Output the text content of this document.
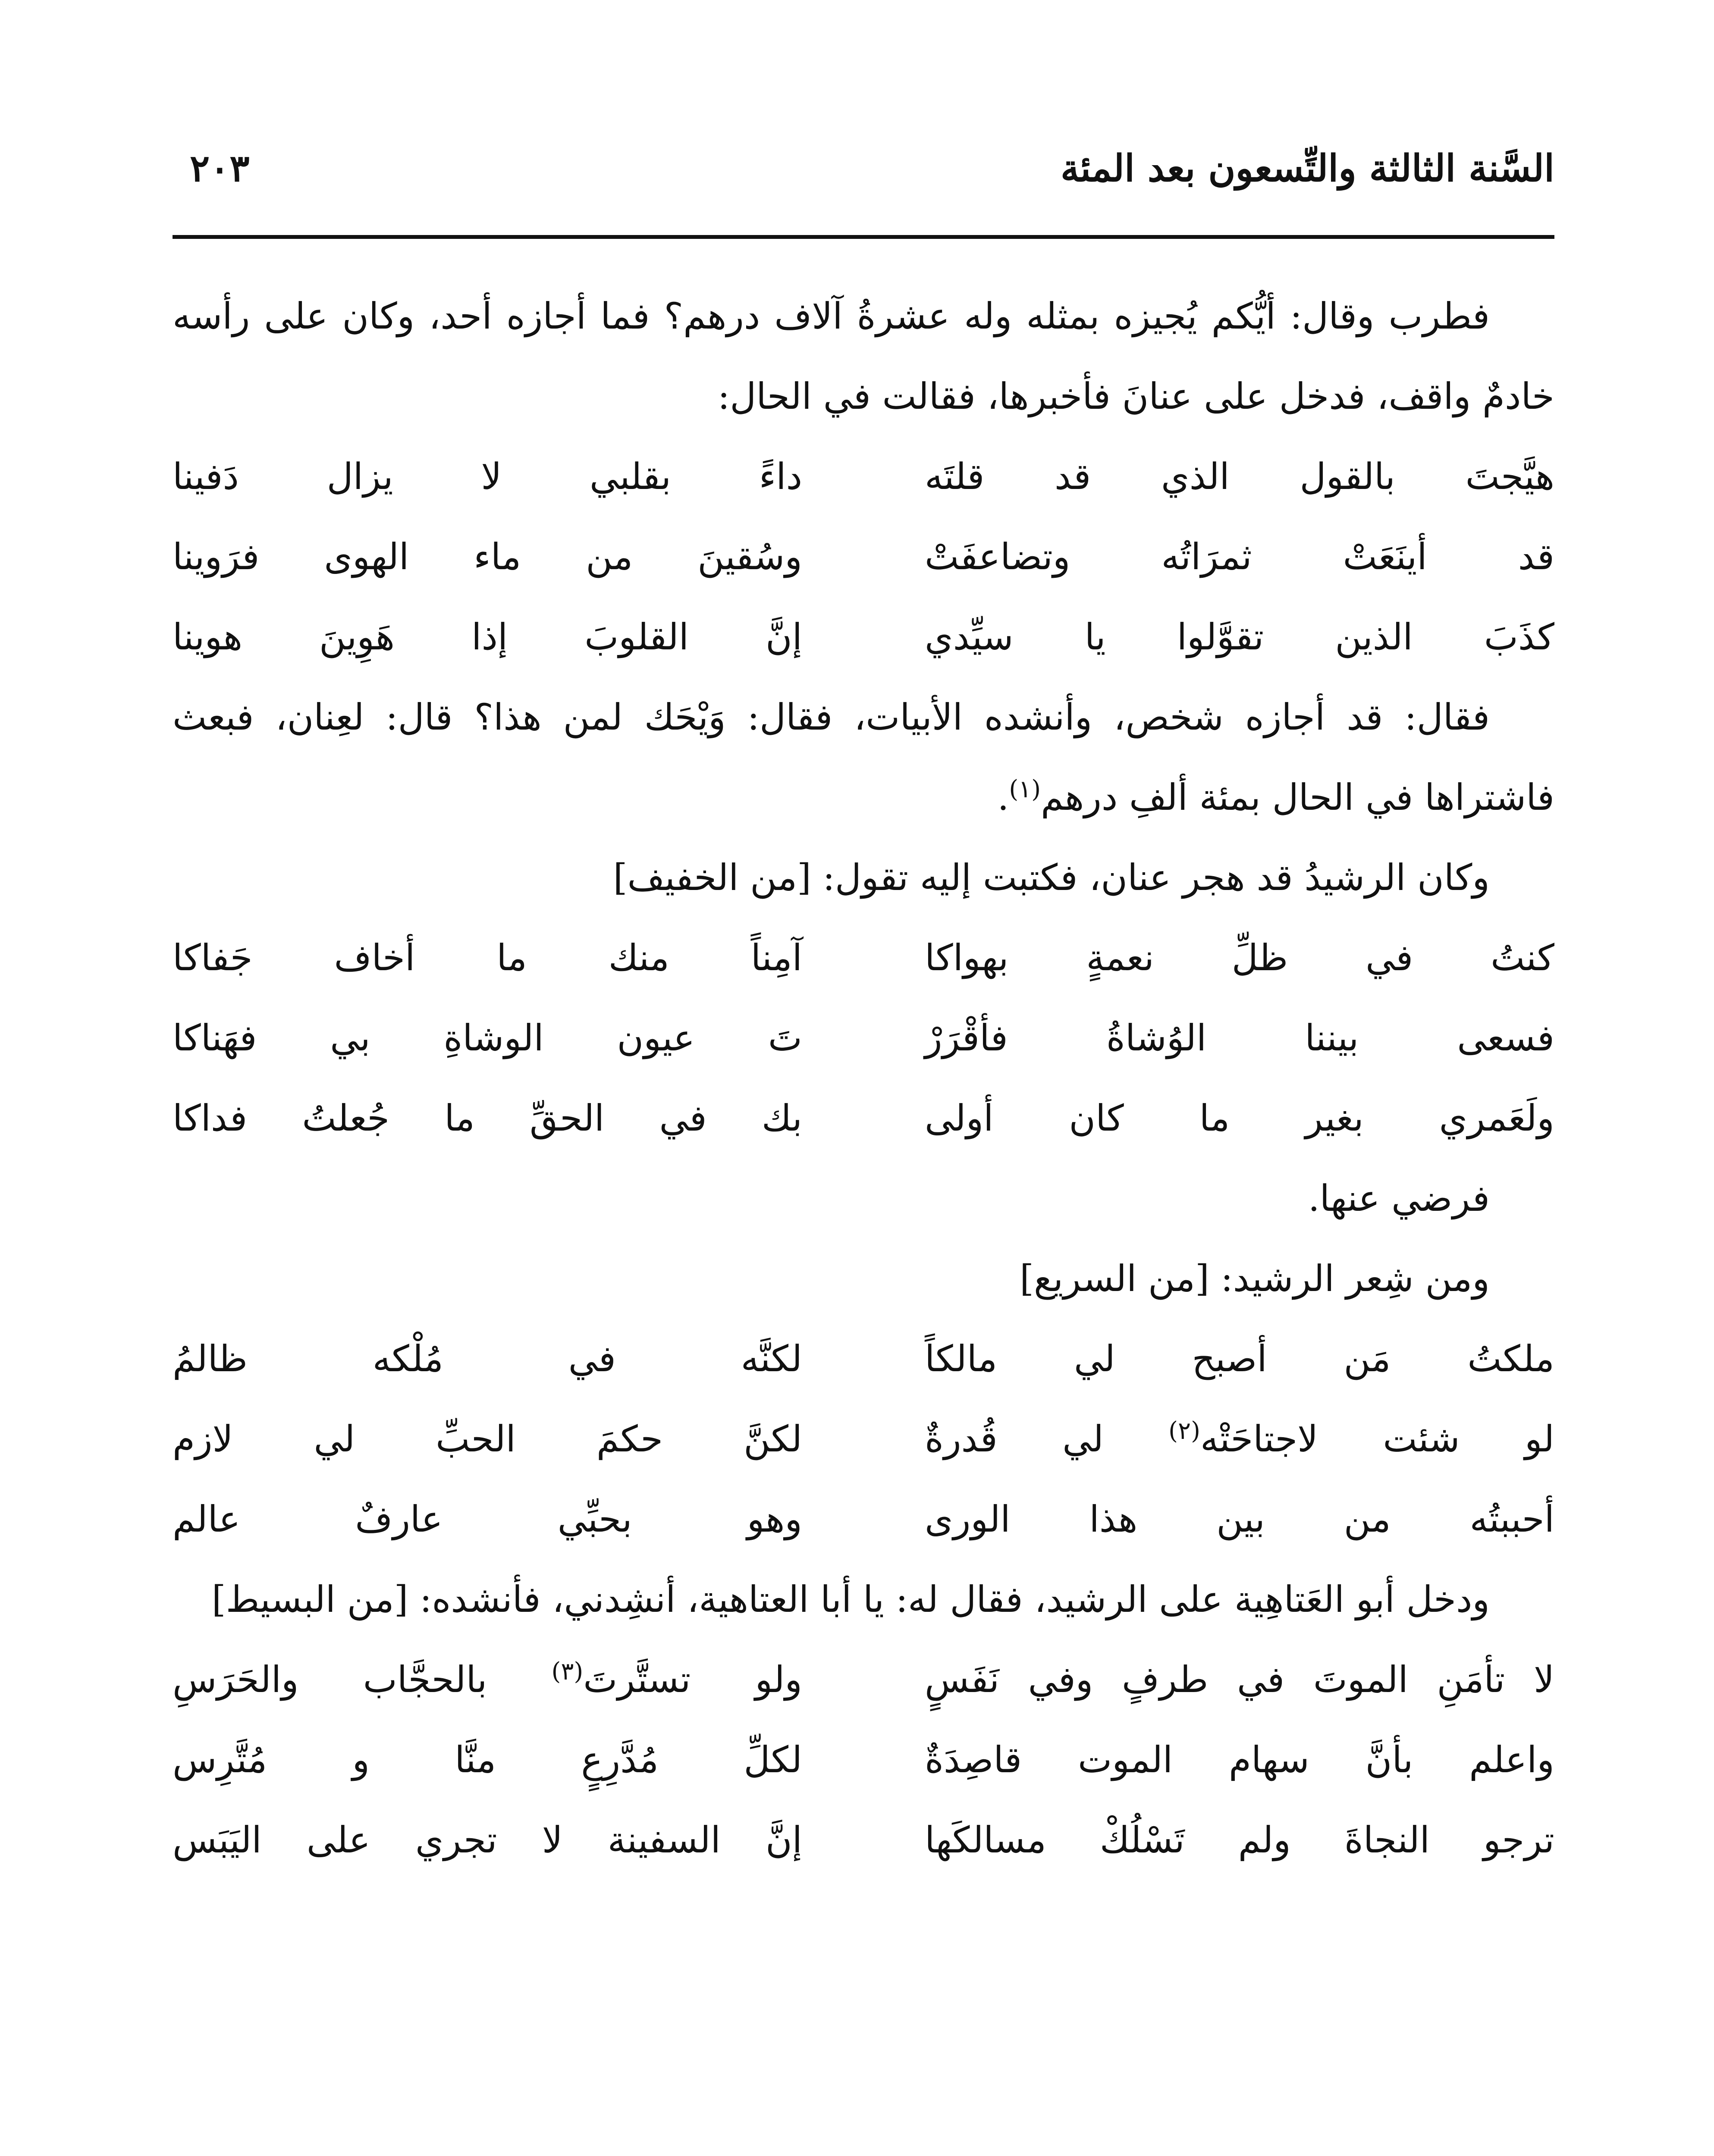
السَّنة الثالثة والتِّسعون بعد المئة
٢٠٣

فطرب وقال: أيُّكم يُجيزه بمثله وله عشرةُ آلاف درهم؟ فما أجازه أحد، وكان على رأسه خادمٌ واقف، فدخل على عنانَ فأخبرها، فقالت في الحال:

هيَّجتَ بالقول الذي قد قلتَه
داءً بقلبي لا يزال دَفينا
قد أينَعَتْ ثمرَاتُه وتضاعفَتْ
وسُقينَ من ماء الهوى فرَوينا
كذَبَ الذين تقوَّلوا يا سيِّدي
إنَّ القلوبَ إذا هَوِينَ هوينا

فقال: قد أجازه شخص، وأنشده الأبيات، فقال: وَيْحَك لمن هذا؟ قال: لعِنان، فبعث فاشتراها في الحال بمئة ألفِ درهم$^{(١)}$.

وكان الرشيدُ قد هجر عنان، فكتبت إليه تقول: [من الخفيف]

كنتُ في ظلِّ نعمةٍ بهواكا
آمِناً منك ما أخاف جَفاكا
فسعى بيننا الوُشاةُ فأقْرَرْ
تَ عيون الوشاةِ بي فهَناكا
ولَعَمري بغير ما كان أولى
بك في الحقِّ ما جُعلتُ فداكا

فرضي عنها.

ومن شِعر الرشيد: [من السريع]

ملكتُ مَن أصبح لي مالكاً
لكنَّه في مُلْكه ظالمُ
لو شئت لاجتاحَتْه$^{(٢)}$ لي قُدرةٌ
لكنَّ حكمَ الحبِّ لي لازم
أحببتُه من بين هذا الورى
وهو بحبِّي عارفٌ عالم

ودخل أبو العَتاهِية على الرشيد، فقال له: يا أبا العتاهية، أنشِدني، فأنشده: [من البسيط]

لا تأمَنِ الموتَ في طرفٍ وفي نَفَسٍ
ولو تستَّرتَ$^{(٣)}$ بالحجَّاب والحَرَسِ
واعلم بأنَّ سهام الموت قاصِدَةٌ
لكلِّ مُدَّرِعٍ منَّا و مُتَّرِس
ترجو النجاةَ ولم تَسْلُكْ مسالكَها
إنَّ السفينة لا تجري على اليَبَس
